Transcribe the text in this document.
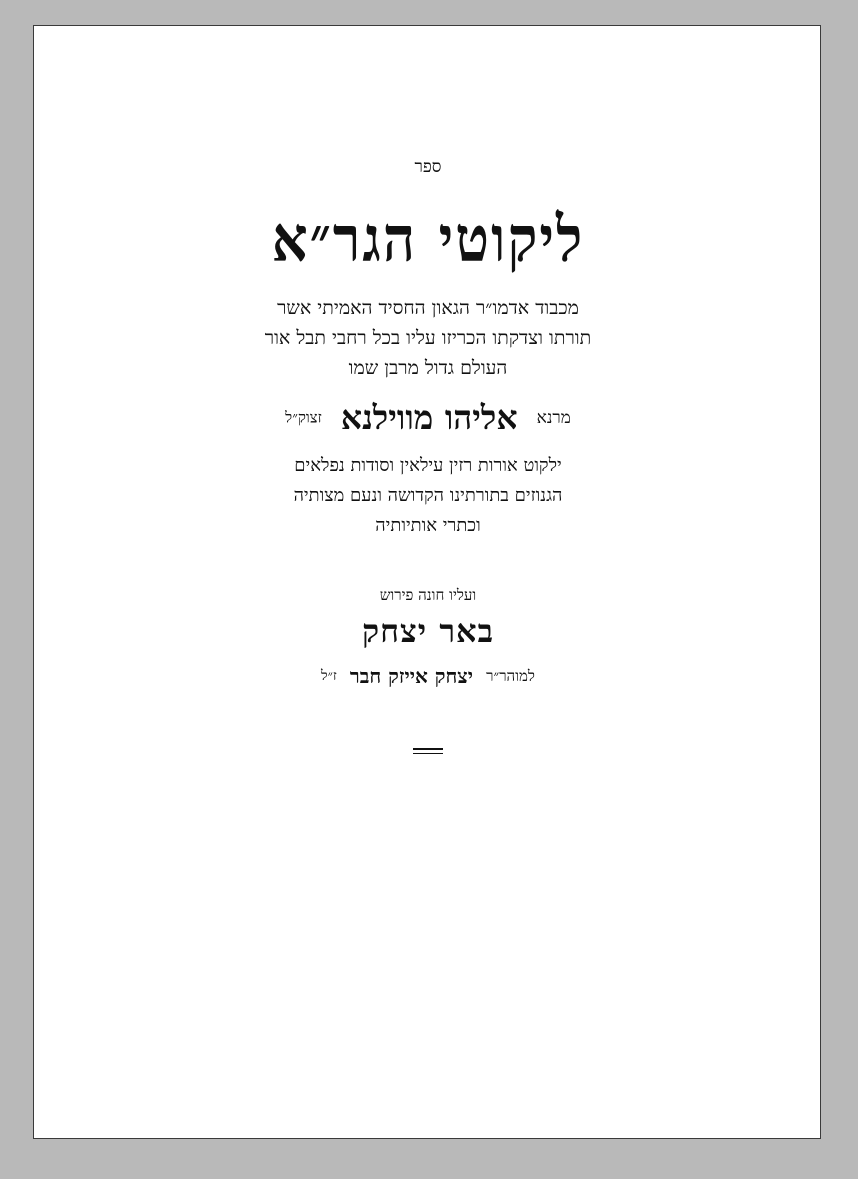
ספר
ליקוטי הגר״א
מכבוד אדמו״ר הגאון החסיד האמיתי אשר
תורתו וצדקתו הכריזו עליו בכל רחבי תבל אור
העולם גדול מרבן שמו
מרנא אליהו מווילנא זצוק״ל
ילקוט אורות רזין עילאין וסודות נפלאים
הגנוזים בתורתינו הקדושה ונעם מצותיה
וכתרי אותיותיה
ועליו חונה פירוש
באר יצחק
למוהר״ר יצחק אייזק חבר ז״ל
